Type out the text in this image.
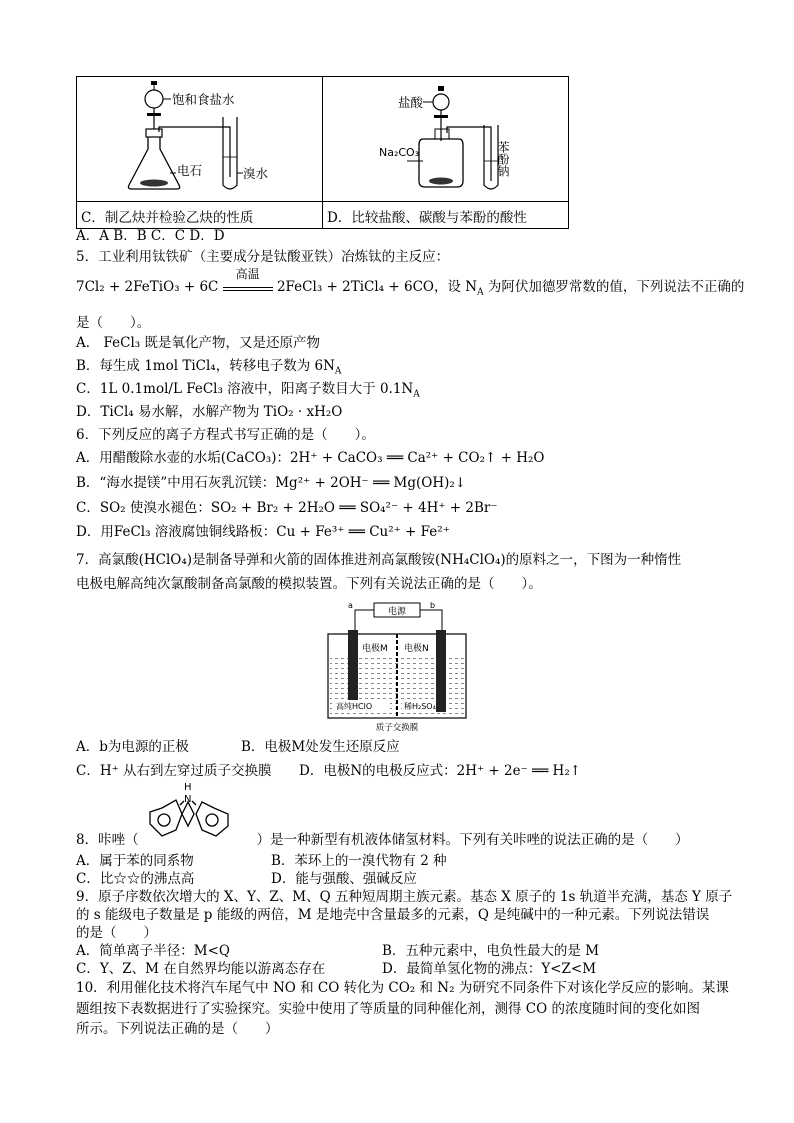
饱和食盐水
电石 溴水	盐酸
Na₂CO₃ 苯酚钠

C．制乙炔并检验乙炔的性质	D．比较盐酸、碳酸与苯酚的酸性
A．A B．B C．C D．D
5．工业利用钛铁矿（主要成分是钛酸亚铁）冶炼钛的主反应：
7Cl₂ + 2FeTiO₃ + 6C
高温
2FeCl₃ + 2TiCl₄ + 6CO，设 $N_A$ 为阿伏加德罗常数的值，下列说法不正确的
是（　　）。
A． FeCl₃ 既是氧化产物，又是还原产物
B．每生成 1mol TiCl₄，转移电子数为 $6N_A$
C．1L 0.1mol/L FeCl₃ 溶液中，阳离子数目大于 $0.1N_A$
D．TiCl₄ 易水解，水解产物为 TiO₂ · xH₂O
6．下列反应的离子方程式书写正确的是（　　）。
A．用醋酸除水壶的水垢(CaCO₃)：2H⁺ + CaCO₃ ══ Ca²⁺ + CO₂↑ + H₂O
B．“海水提镁”中用石灰乳沉镁：Mg²⁺ + 2OH⁻ ══ Mg(OH)₂↓
C．SO₂ 使溴水褪色：SO₂ + Br₂ + 2H₂O ══ SO₄²⁻ + 4H⁺ + 2Br⁻
D．用FeCl₃ 溶液腐蚀铜线路板：Cu + Fe³⁺ ══ Cu²⁺ + Fe²⁺
7．高氯酸(HClO₄)是制备导弹和火箭的固体推进剂高氯酸铵(NH₄ClO₄)的原料之一，下图为一种惰性
电极电解高纯次氯酸制备高氯酸的模拟装置。下列有关说法正确的是（　　）。
电源
a	b
电极M 电极N
高纯HClO	稀H₂SO₄
质子交换膜
A．b为电源的正极	B．电极M处发生还原反应
C．H⁺ 从右到左穿过质子交换膜 D．电极N的电极反应式：2H⁺ + 2e⁻ ══ H₂↑
H
N
8．咔唑（	）是一种新型有机液体储氢材料。下列有关咔唑的说法正确的是（　　）
A．属于苯的同系物	B．苯环上的一溴代物有 2 种
C．比☆☆的沸点高	D．能与强酸、强碱反应
9．原子序数依次增大的 X、Y、Z、M、Q 五种短周期主族元素。基态 X 原子的 1s 轨道半充满，基态 Y 原子
的 s 能级电子数量是 p 能级的两倍，M 是地壳中含量最多的元素，Q 是纯碱中的一种元素。下列说法错误
的是（　　）
A．简单离子半径：M<Q	B．五种元素中，电负性最大的是 M
C．Y、Z、M 在自然界均能以游离态存在	D．最简单氢化物的沸点：Y<Z<M
10．利用催化技术将汽车尾气中 NO 和 CO 转化为 CO₂ 和 N₂ 为研究不同条件下对该化学反应的影响。某课
题组按下表数据进行了实验探究。实验中使用了等质量的同种催化剂，测得 CO 的浓度随时间的变化如图
所示。下列说法正确的是（　　）
